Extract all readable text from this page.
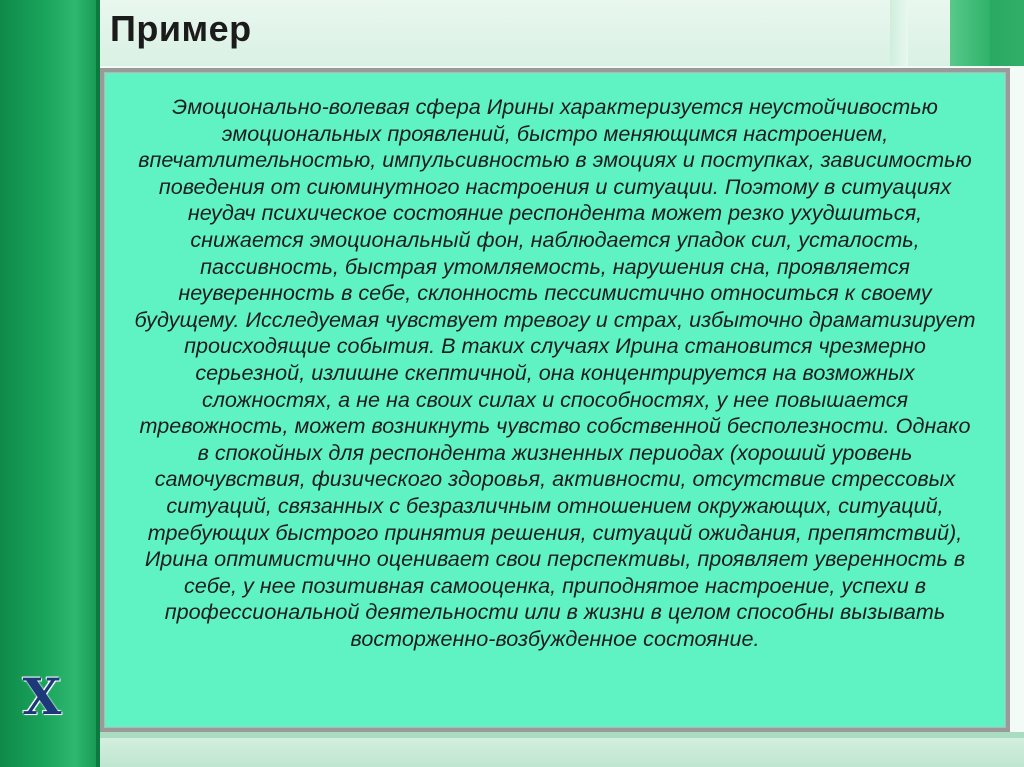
Пример

Эмоционально-волевая сфера Ирины характеризуется неустойчивостью эмоциональных проявлений, быстро меняющимся настроением, впечатлительностью, импульсивностью в эмоциях и поступках, зависимостью поведения от сиюминутного настроения и ситуации. Поэтому в ситуациях неудач психическое состояние респондента может резко ухудшиться, снижается эмоциональный фон, наблюдается упадок сил, усталость, пассивность, быстрая утомляемость, нарушения сна, проявляется неуверенность в себе, склонность пессимистично относиться к своему будущему. Исследуемая чувствует тревогу и страх, избыточно драматизирует происходящие события. В таких случаях Ирина становится чрезмерно серьезной, излишне скептичной, она концентрируется на возможных сложностях, а не на своих силах и способностях, у нее повышается тревожность, может возникнуть чувство собственной бесполезности. Однако в спокойных для респондента жизненных периодах (хороший уровень самочувствия, физического здоровья, активности, отсутствие стрессовых ситуаций, связанных с безразличным отношением окружающих, ситуаций, требующих быстрого принятия решения, ситуаций ожидания, препятствий), Ирина оптимистично оценивает свои перспективы, проявляет уверенность в себе, у нее позитивная самооценка, приподнятое настроение, успехи в профессиональной деятельности или в жизни в целом способны вызывать восторженно-возбужденное состояние.

X
